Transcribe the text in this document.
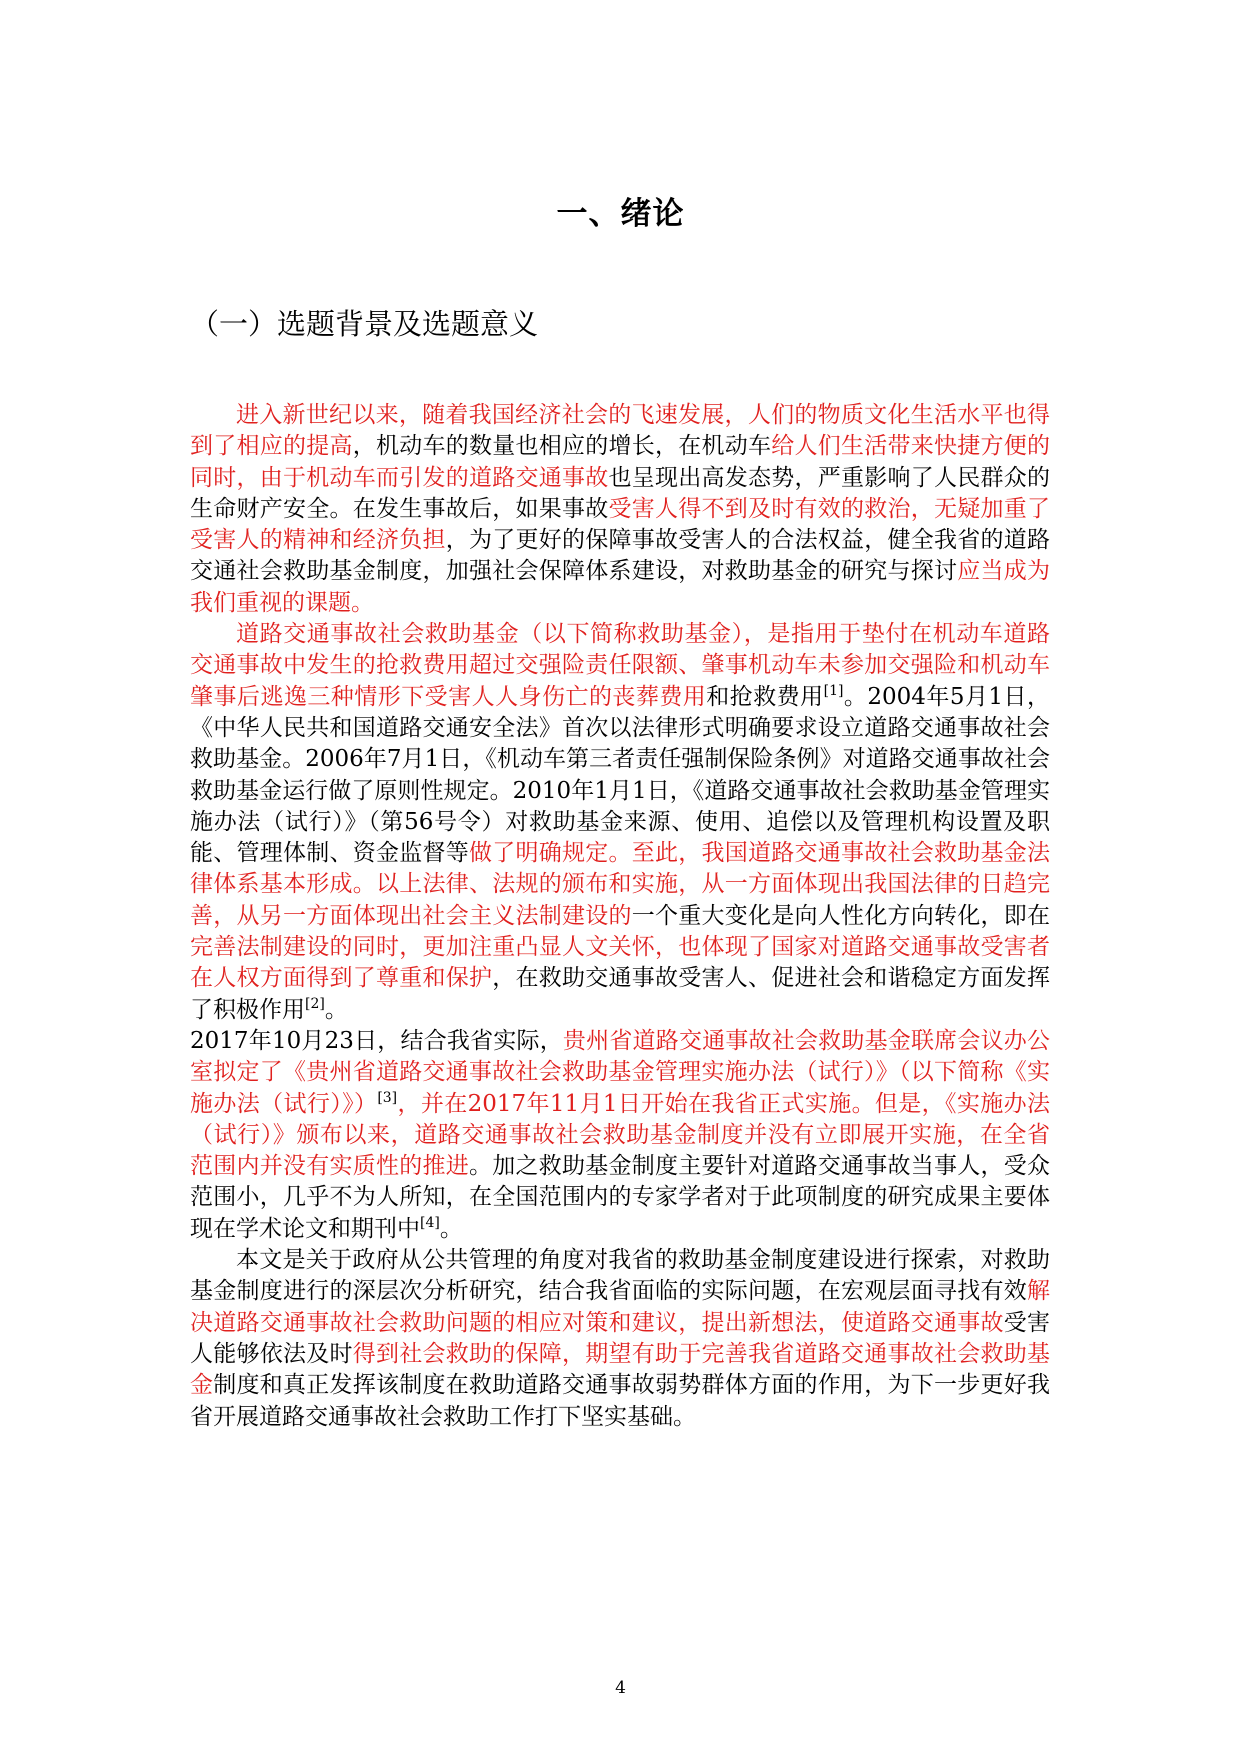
一、绪论
（一）选题背景及选题意义

进入新世纪以来，随着我国经济社会的飞速发展，人们的物质文化生活水平也得到了相应的提高，机动车的数量也相应的增长，在机动车给人们生活带来快捷方便的同时，由于机动车而引发的道路交通事故也呈现出高发态势，严重影响了人民群众的生命财产安全。在发生事故后，如果事故受害人得不到及时有效的救治，无疑加重了受害人的精神和经济负担，为了更好的保障事故受害人的合法权益，健全我省的道路交通社会救助基金制度，加强社会保障体系建设，对救助基金的研究与探讨应当成为我们重视的课题。

道路交通事故社会救助基金（以下简称救助基金），是指用于垫付在机动车道路交通事故中发生的抢救费用超过交强险责任限额、肇事机动车未参加交强险和机动车肇事后逃逸三种情形下受害人人身伤亡的丧葬费用和抢救费用[1]。2004年5月1日，《中华人民共和国道路交通安全法》首次以法律形式明确要求设立道路交通事故社会救助基金。2006年7月1日，《机动车第三者责任强制保险条例》对道路交通事故社会救助基金运行做了原则性规定。2010年1月1日，《道路交通事故社会救助基金管理实施办法（试行）》（第56号令）对救助基金来源、使用、追偿以及管理机构设置及职能、管理体制、资金监督等做了明确规定。至此，我国道路交通事故社会救助基金法律体系基本形成。以上法律、法规的颁布和实施，从一方面体现出我国法律的日趋完善，从另一方面体现出社会主义法制建设的一个重大变化是向人性化方向转化，即在完善法制建设的同时，更加注重凸显人文关怀，也体现了国家对道路交通事故受害者在人权方面得到了尊重和保护，在救助交通事故受害人、促进社会和谐稳定方面发挥了积极作用[2]。

2017年10月23日，结合我省实际，贵州省道路交通事故社会救助基金联席会议办公室拟定了《贵州省道路交通事故社会救助基金管理实施办法（试行）》（以下简称《实施办法（试行）》）[3]，并在2017年11月1日开始在我省正式实施。但是，《实施办法（试行）》颁布以来，道路交通事故社会救助基金制度并没有立即展开实施，在全省范围内并没有实质性的推进。加之救助基金制度主要针对道路交通事故当事人，受众范围小，几乎不为人所知，在全国范围内的专家学者对于此项制度的研究成果主要体现在学术论文和期刊中[4]。

本文是关于政府从公共管理的角度对我省的救助基金制度建设进行探索，对救助基金制度进行的深层次分析研究，结合我省面临的实际问题，在宏观层面寻找有效解决道路交通事故社会救助问题的相应对策和建议，提出新想法，使道路交通事故受害人能够依法及时得到社会救助的保障，期望有助于完善我省道路交通事故社会救助基金制度和真正发挥该制度在救助道路交通事故弱势群体方面的作用，为下一步更好我省开展道路交通事故社会救助工作打下坚实基础。

4
